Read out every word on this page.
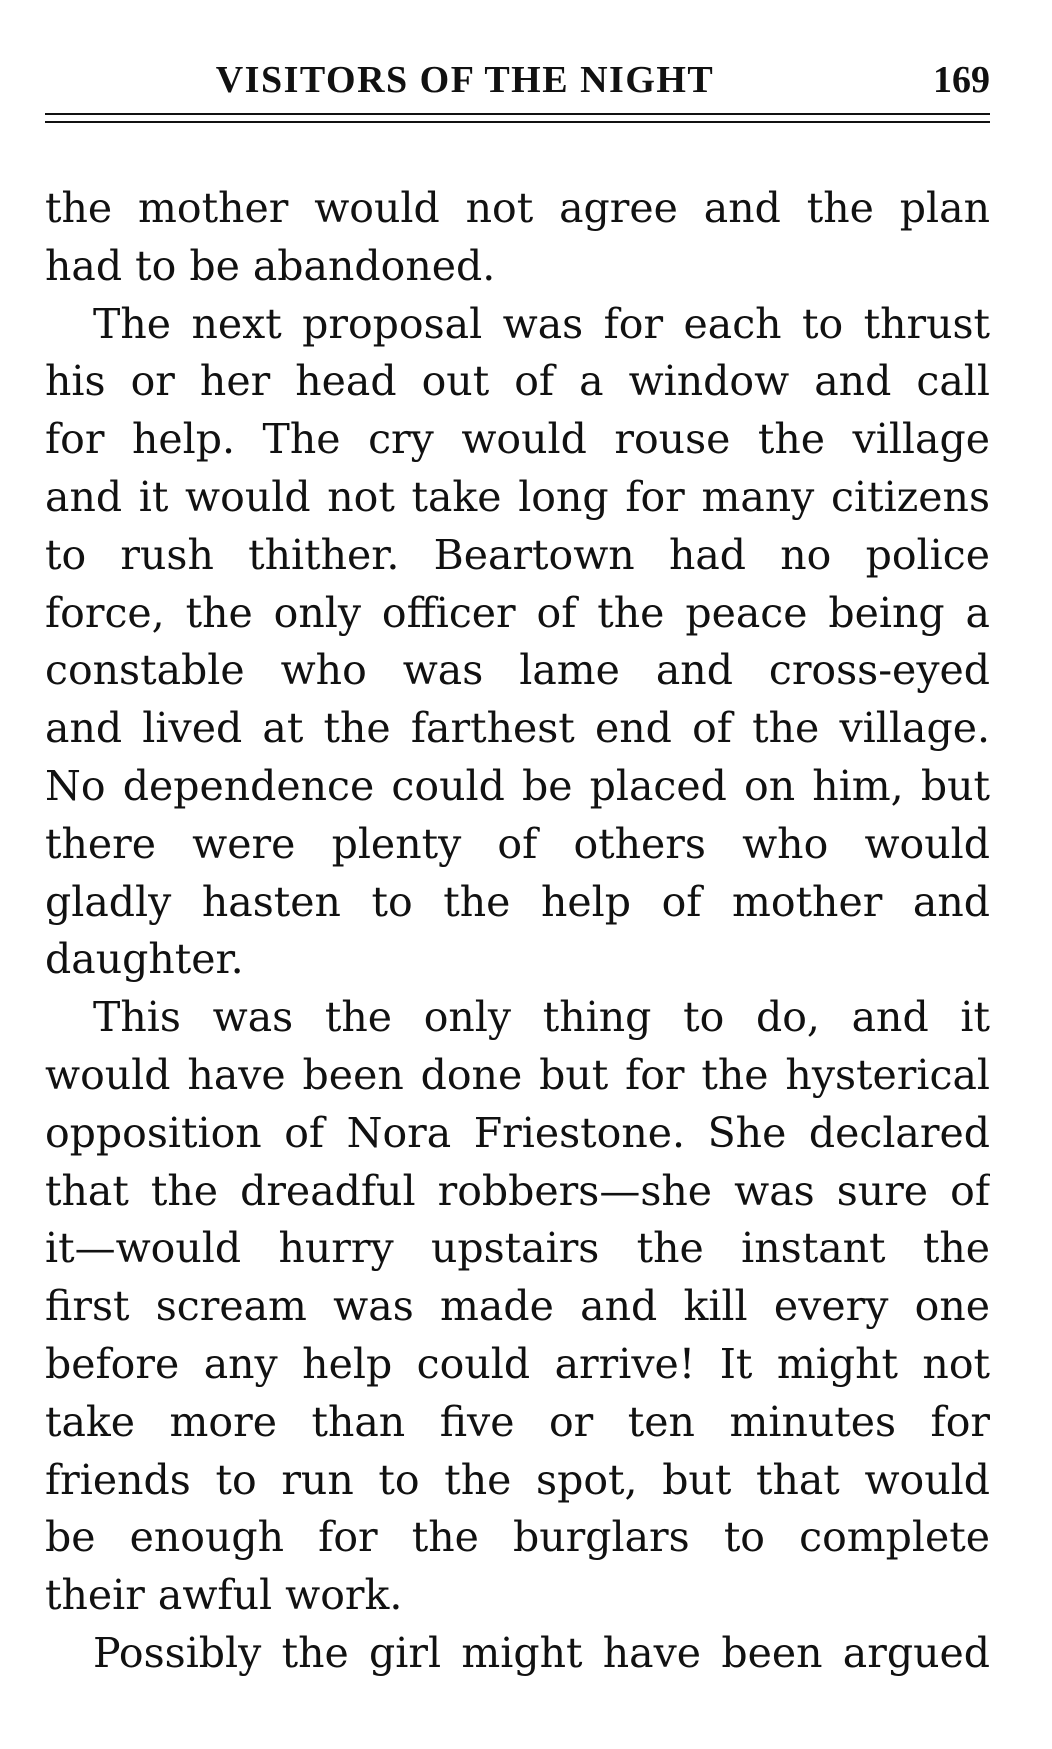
VISITORS OF THE NIGHT	169
the mother would not agree and the plan
had to be abandoned.
The next proposal was for each to thrust
his or her head out of a window and call
for help. The cry would rouse the village
and it would not take long for many citizens
to rush thither. Beartown had no police
force, the only officer of the peace being a
constable who was lame and cross-eyed
and lived at the farthest end of the village.
No dependence could be placed on him, but
there were plenty of others who would
gladly hasten to the help of mother and
daughter.
This was the only thing to do, and it
would have been done but for the hysterical
opposition of Nora Friestone. She declared
that the dreadful robbers—she was sure of
it—would hurry upstairs the instant the
first scream was made and kill every one
before any help could arrive! It might not
take more than five or ten minutes for
friends to run to the spot, but that would
be enough for the burglars to complete
their awful work.
Possibly the girl might have been argued
